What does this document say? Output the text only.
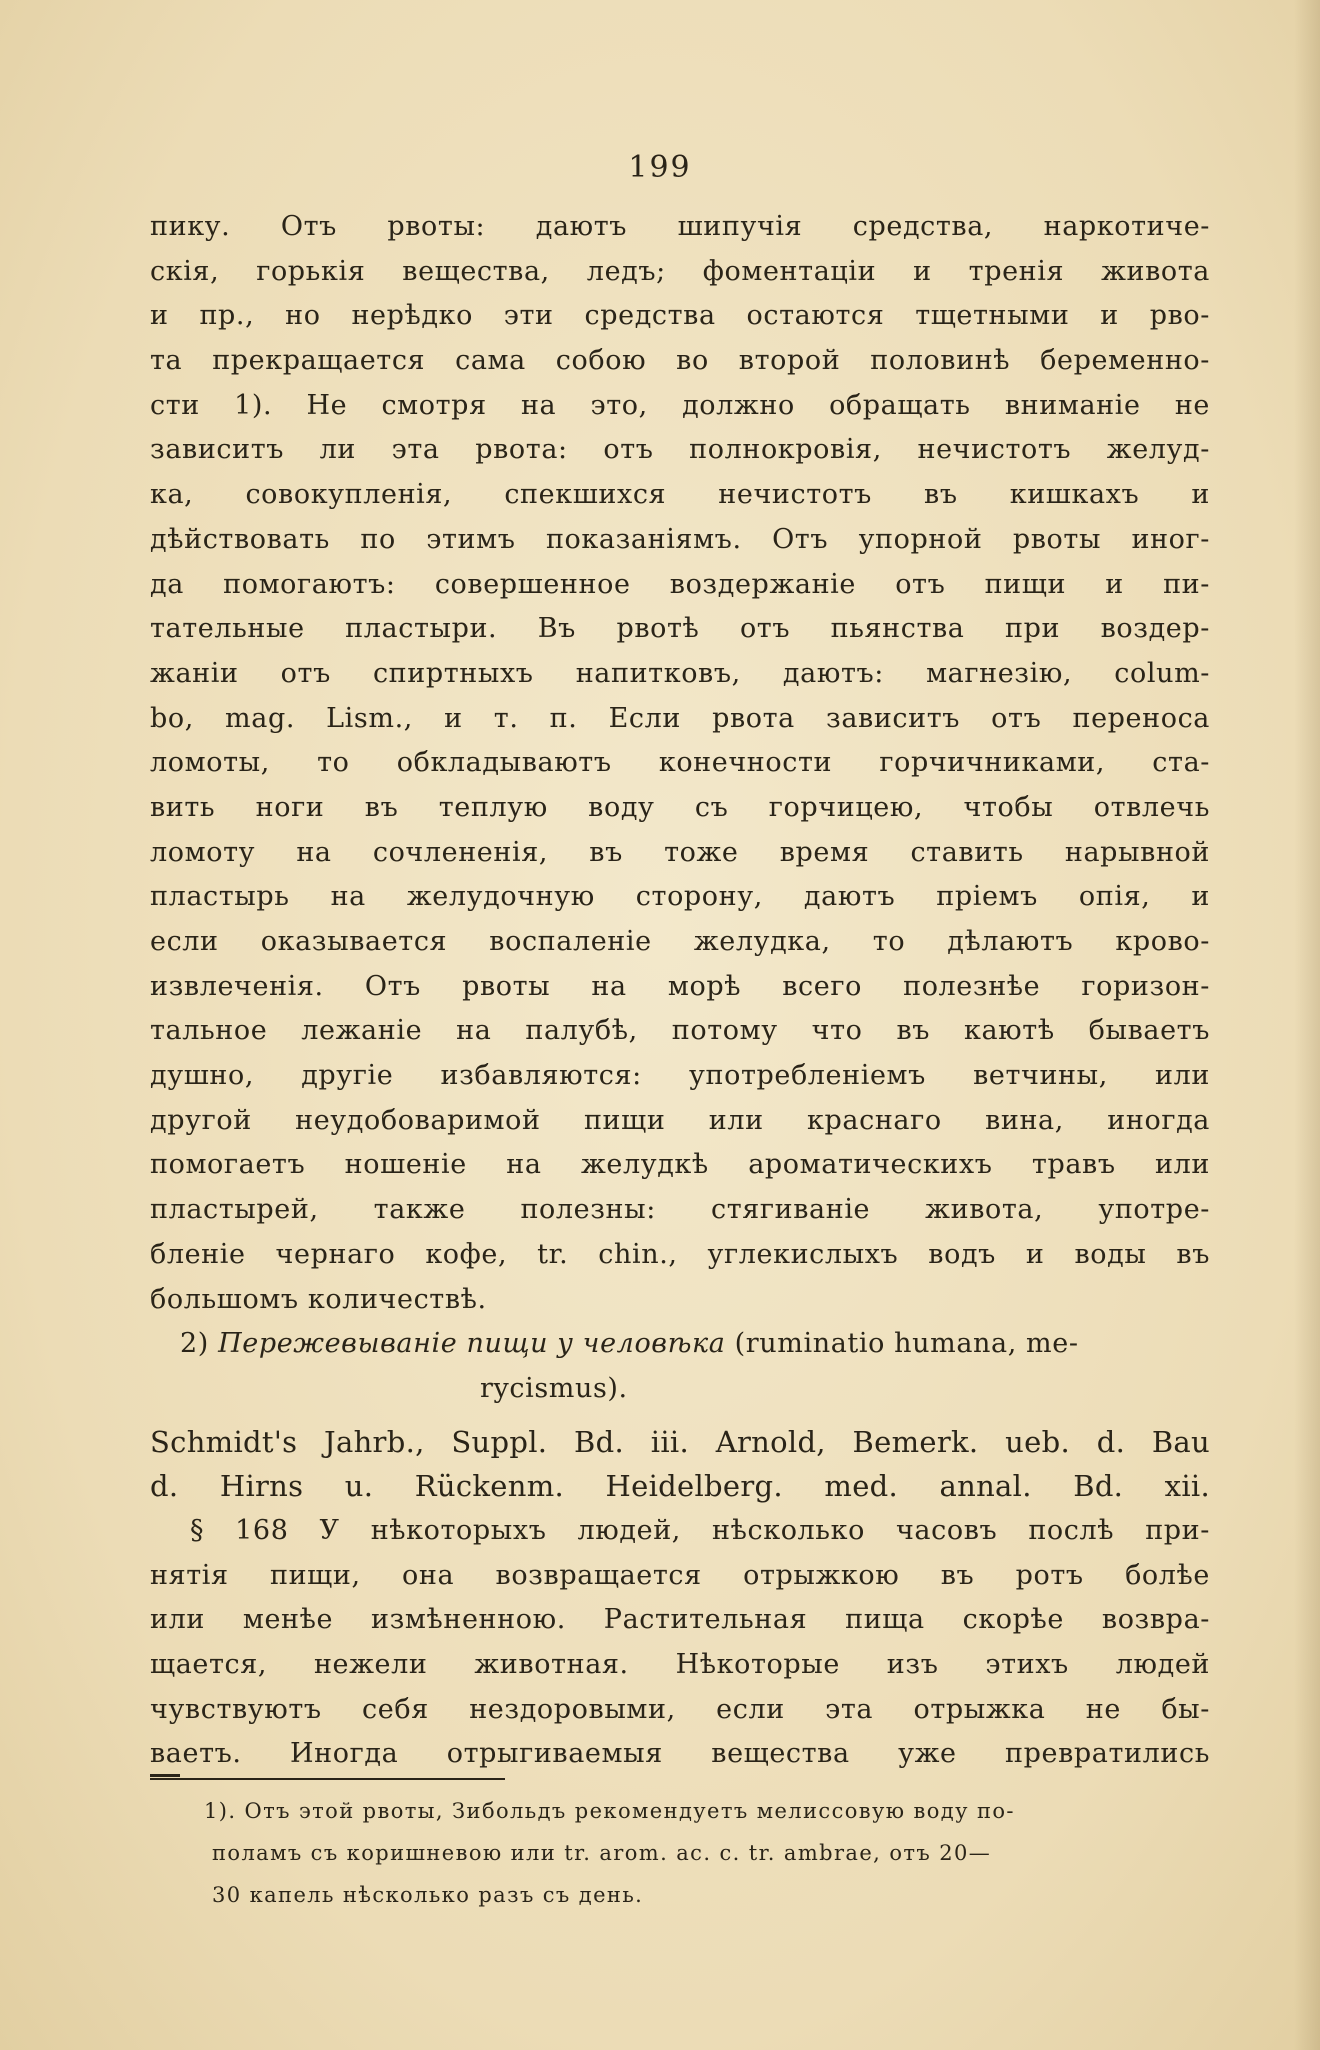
199
пику. Отъ рвоты: даютъ шипучія средства, наркотиче-
скія, горькія вещества, ледъ; фоментаціи и тренія живота
и пр., но нерѣдко эти средства остаются тщетными и рво-
та прекращается сама собою во второй половинѣ беременно-
сти 1). Не смотря на это, должно обращать вниманіе не
зависитъ ли эта рвота: отъ полнокровія, нечистотъ желуд-
ка, совокупленія, спекшихся нечистотъ въ кишкахъ и
дѣйствовать по этимъ показаніямъ. Отъ упорной рвоты иног-
да помогаютъ: совершенное воздержаніе отъ пищи и пи-
тательные пластыри. Въ рвотѣ отъ пьянства при воздер-
жаніи отъ спиртныхъ напитковъ, даютъ: магнезію, colum-
bo, mag. Lism., и т. п. Если рвота зависитъ отъ переноса
ломоты, то обкладываютъ конечности горчичниками, ста-
вить ноги въ теплую воду съ горчицею, чтобы отвлечь
ломоту на сочлененія, въ тоже время ставить нарывной
пластырь на желудочную сторону, даютъ пріемъ опія, и
если оказывается воспаленіе желудка, то дѣлаютъ крово-
извлеченія. Отъ рвоты на морѣ всего полезнѣе горизон-
тальное лежаніе на палубѣ, потому что въ каютѣ бываетъ
душно, другіе избавляются: употребленіемъ ветчины, или
другой неудобоваримой пищи или краснаго вина, иногда
помогаетъ ношеніе на желудкѣ ароматическихъ травъ или
пластырей, также полезны: стягиваніе живота, употре-
бленіе чернаго кофе, tr. chin., углекислыхъ водъ и воды въ
большомъ количествѣ.
2) Пережевываніе пищи у человѣка (ruminatio humana, me-
rycismus).
Schmidt's Jahrb., Suppl. Bd. iii. Arnold, Bemerk. ueb. d. Bau
d. Hirns u. Rückenm. Heidelberg. med. annal. Bd. xii.
§ 168 У нѣкоторыхъ людей, нѣсколько часовъ послѣ при-
нятія пищи, она возвращается отрыжкою въ ротъ болѣе
или менѣе измѣненною. Растительная пища скорѣе возвра-
щается, нежели животная. Нѣкоторые изъ этихъ людей
чувствуютъ себя нездоровыми, если эта отрыжка не бы-
ваетъ. Иногда отрыгиваемыя вещества уже превратились
1). Отъ этой рвоты, Зибольдъ рекомендуетъ мелиссовую воду по-
поламъ съ коришневою или tr. arom. ac. c. tr. ambrae, отъ 20—
30 капель нѣсколько разъ съ день.
